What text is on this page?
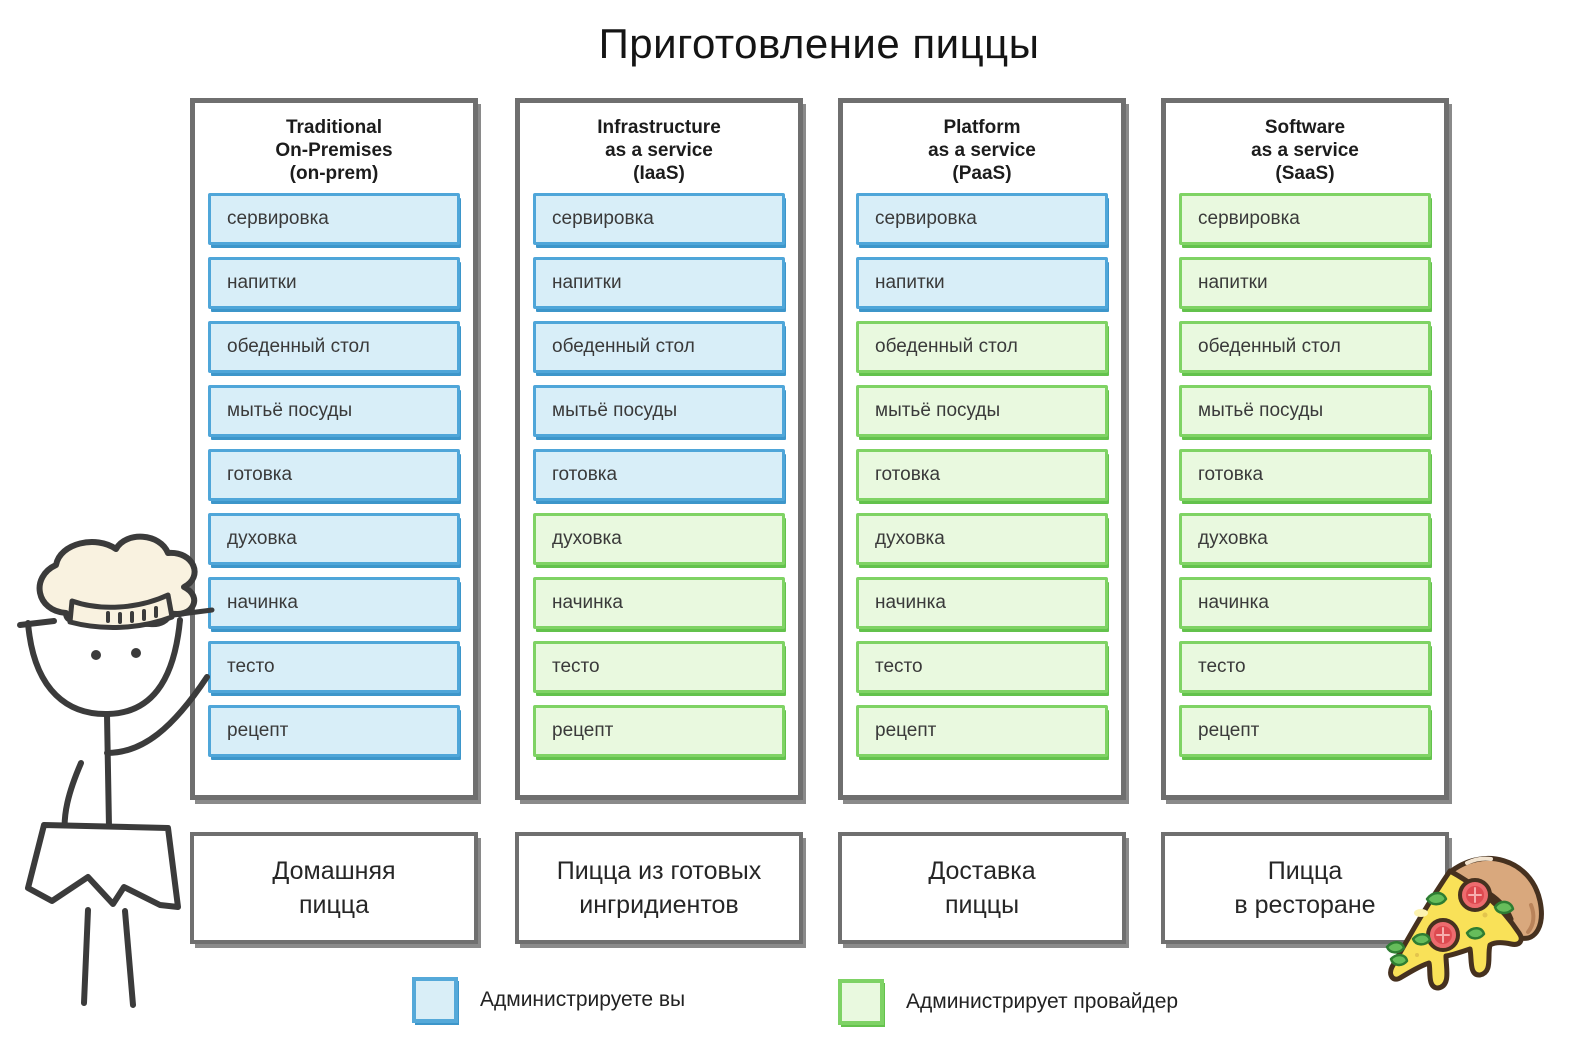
Приготовление пиццы
Traditional
On-Premises
(on-prem)
сервировка
напитки
обеденный стол
мытьё посуды
готовка
духовка
начинка
тесто
рецепт
Infrastructure
as a service
(IaaS)
сервировка
напитки
обеденный стол
мытьё посуды
готовка
духовка
начинка
тесто
рецепт
Platform
as a service
(PaaS)
сервировка
напитки
обеденный стол
мытьё посуды
готовка
духовка
начинка
тесто
рецепт
Software
as a service
(SaaS)
сервировка
напитки
обеденный стол
мытьё посуды
готовка
духовка
начинка
тесто
рецепт
Домашняя
пицца
Пицца из готовых
ингридиентов
Доставка
пиццы
Пицца
в ресторане
Администрируете вы	Администрирует провайдер
